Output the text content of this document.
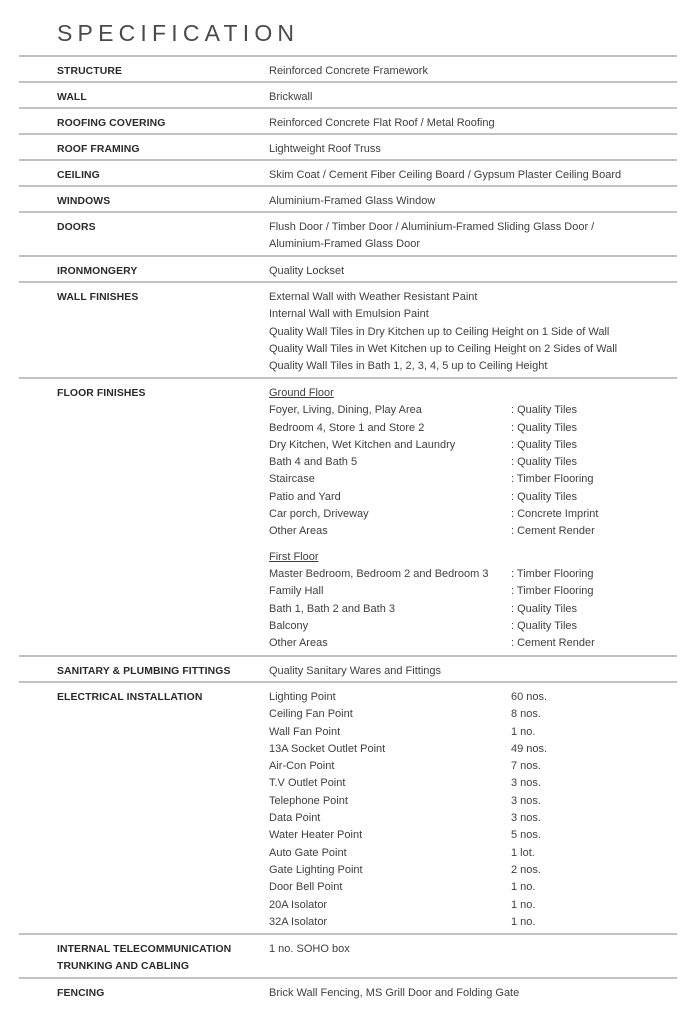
SPECIFICATION
STRUCTURE	Reinforced Concrete Framework
WALL	Brickwall
ROOFING COVERING	Reinforced Concrete Flat Roof / Metal Roofing
ROOF FRAMING	Lightweight Roof Truss
CEILING	Skim Coat / Cement Fiber Ceiling Board / Gypsum Plaster Ceiling Board
WINDOWS	Aluminium-Framed Glass Window
DOORS	Flush Door / Timber Door / Aluminium-Framed Sliding Glass Door /
Aluminium-Framed Glass Door
IRONMONGERY	Quality Lockset
WALL FINISHES	External Wall with Weather Resistant Paint
Internal Wall with Emulsion Paint
Quality Wall Tiles in Dry Kitchen up to Ceiling Height on 1 Side of Wall
Quality Wall Tiles in Wet Kitchen up to Ceiling Height on 2 Sides of Wall
Quality Wall Tiles in Bath 1, 2, 3, 4, 5 up to Ceiling Height
FLOOR FINISHES	Ground Floor
Foyer, Living, Dining, Play Area	: Quality Tiles
Bedroom 4, Store 1 and Store 2	: Quality Tiles
Dry Kitchen, Wet Kitchen and Laundry	: Quality Tiles
Bath 4 and Bath 5	: Quality Tiles
Staircase	: Timber Flooring
Patio and Yard	: Quality Tiles
Car porch, Driveway	: Concrete Imprint
Other Areas	: Cement Render
First Floor
Master Bedroom, Bedroom 2 and Bedroom 3	: Timber Flooring
Family Hall	: Timber Flooring
Bath 1, Bath 2 and Bath 3	: Quality Tiles
Balcony	: Quality Tiles
Other Areas	: Cement Render
SANITARY & PLUMBING FITTINGS	Quality Sanitary Wares and Fittings
ELECTRICAL INSTALLATION	Lighting Point	60 nos.
Ceiling Fan Point	8 nos.
Wall Fan Point	1 no.
13A Socket Outlet Point	49 nos.
Air-Con Point	7 nos.
T.V Outlet Point	3 nos.
Telephone Point	3 nos.
Data Point	3 nos.
Water Heater Point	5 nos.
Auto Gate Point	1 lot.
Gate Lighting Point	2 nos.
Door Bell Point	1 no.
20A Isolator	1 no.
32A Isolator	1 no.
INTERNAL TELECOMMUNICATION
TRUNKING AND CABLING
1 no. SOHO box
FENCING	Brick Wall Fencing, MS Grill Door and Folding Gate
